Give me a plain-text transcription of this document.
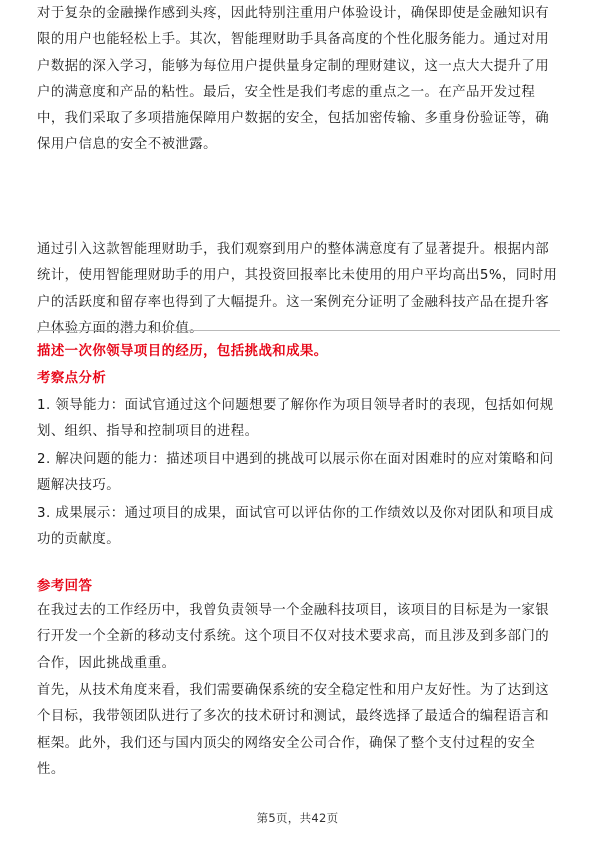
对于复杂的金融操作感到头疼，因此特别注重用户体验设计，确保即使是金融知识有限的用户也能轻松上手。其次，智能理财助手具备高度的个性化服务能力。通过对用户数据的深入学习，能够为每位用户提供量身定制的理财建议，这一点大大提升了用户的满意度和产品的粘性。最后，安全性是我们考虑的重点之一。在产品开发过程中，我们采取了多项措施保障用户数据的安全，包括加密传输、多重身份验证等，确保用户信息的安全不被泄露。

通过引入这款智能理财助手，我们观察到用户的整体满意度有了显著提升。根据内部统计，使用智能理财助手的用户，其投资回报率比未使用的用户平均高出5%，同时用户的活跃度和留存率也得到了大幅提升。这一案例充分证明了金融科技产品在提升客户体验方面的潜力和价值。

描述一次你领导项目的经历，包括挑战和成果。

考察点分析

1. 领导能力：面试官通过这个问题想要了解你作为项目领导者时的表现，包括如何规划、组织、指导和控制项目的进程。
2. 解决问题的能力：描述项目中遇到的挑战可以展示你在面对困难时的应对策略和问题解决技巧。
3. 成果展示：通过项目的成果，面试官可以评估你的工作绩效以及你对团队和项目成功的贡献度。

参考回答

在我过去的工作经历中，我曾负责领导一个金融科技项目，该项目的目标是为一家银行开发一个全新的移动支付系统。这个项目不仅对技术要求高，而且涉及到多部门的合作，因此挑战重重。

首先，从技术角度来看，我们需要确保系统的安全稳定性和用户友好性。为了达到这个目标，我带领团队进行了多次的技术研讨和测试，最终选择了最适合的编程语言和框架。此外，我们还与国内顶尖的网络安全公司合作，确保了整个支付过程的安全性。

第5页，共42页
